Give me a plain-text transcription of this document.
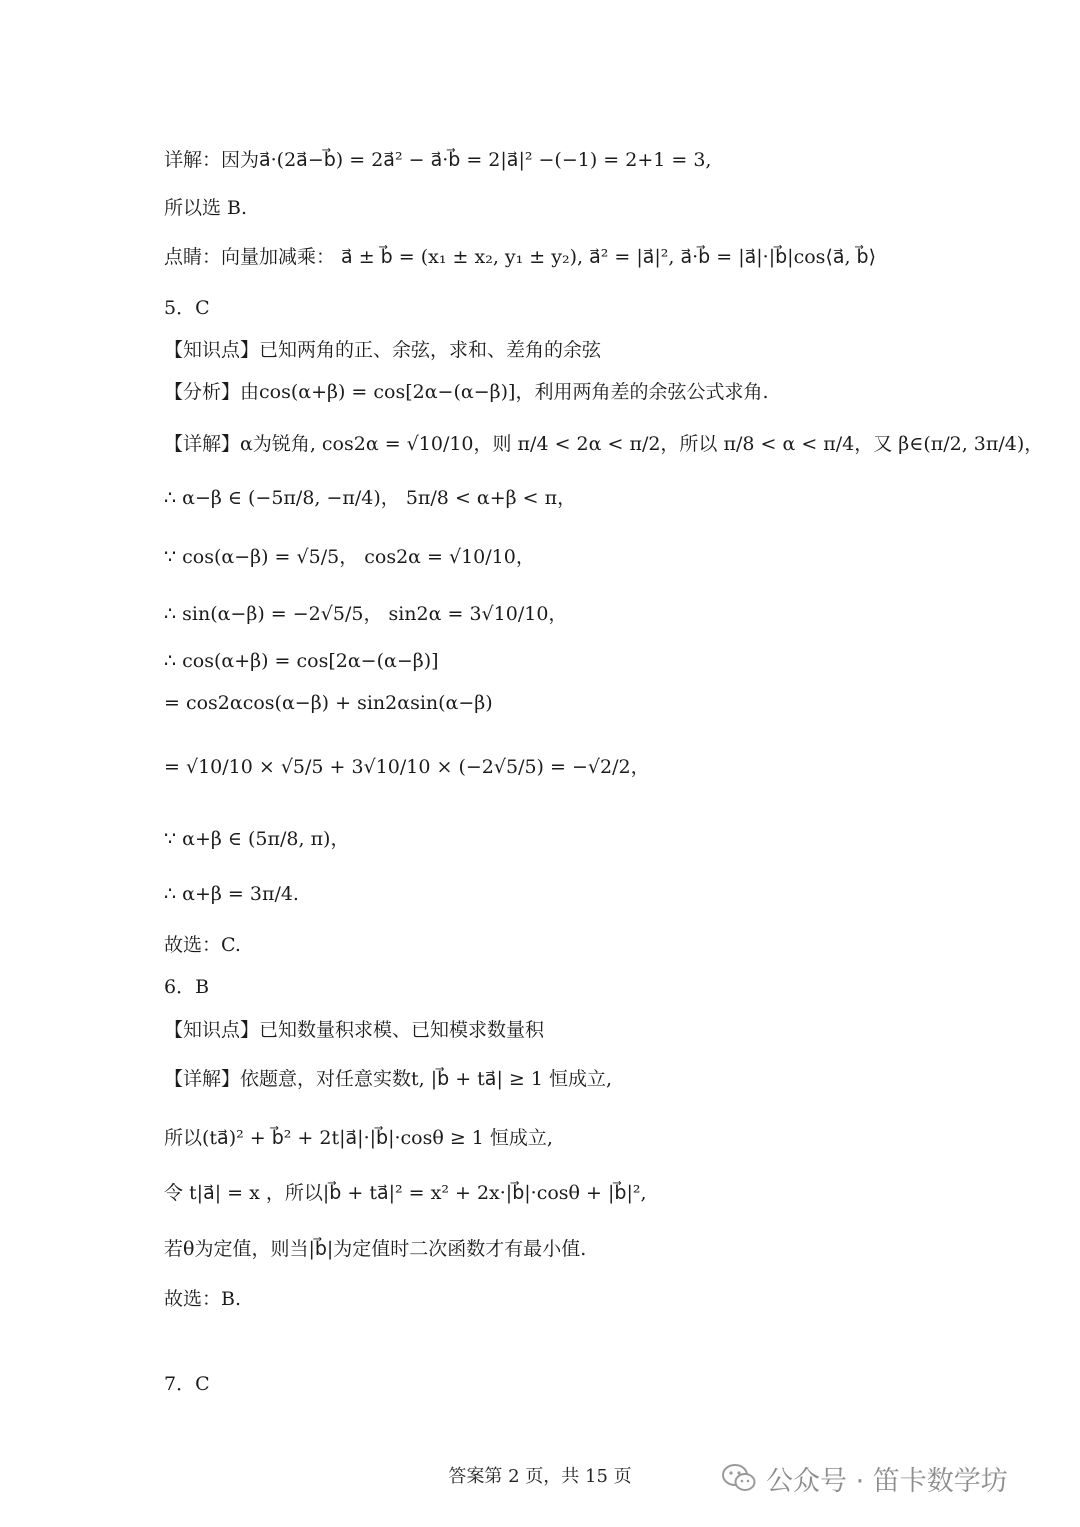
详解：因为a⃗·(2a⃗−b⃗) = 2a⃗² − a⃗·b⃗ = 2|a⃗|² −(−1) = 2+1 = 3,
所以选 B.
点睛：向量加减乘： a⃗ ± b⃗ = (x₁ ± x₂, y₁ ± y₂), a⃗² = |a⃗|², a⃗·b⃗ = |a⃗|·|b⃗|cos⟨a⃗, b⃗⟩
5．C
【知识点】已知两角的正、余弦，求和、差角的余弦
【分析】由cos(α+β) = cos[2α−(α−β)]，利用两角差的余弦公式求角.
【详解】α为锐角, cos2α = √10/10，则 π/4 < 2α < π/2，所以 π/8 < α < π/4，又 β∈(π/2, 3π/4)，
∴ α−β ∈ (−5π/8, −π/4)， 5π/8 < α+β < π，
∵ cos(α−β) = √5/5， cos2α = √10/10，
∴ sin(α−β) = −2√5/5， sin2α = 3√10/10，
∴ cos(α+β) = cos[2α−(α−β)]
= cos2αcos(α−β) + sin2αsin(α−β)
= √10/10 × √5/5 + 3√10/10 × (−2√5/5) = −√2/2，
∵ α+β ∈ (5π/8, π)，
∴ α+β = 3π/4.
故选：C.
6．B
【知识点】已知数量积求模、已知模求数量积
【详解】依题意，对任意实数t, |b⃗ + ta⃗| ≥ 1 恒成立,
所以(ta⃗)² + b⃗² + 2t|a⃗|·|b⃗|·cosθ ≥ 1 恒成立,
令 t|a⃗| = x ，所以|b⃗ + ta⃗|² = x² + 2x·|b⃗|·cosθ + |b⃗|²,
若θ为定值，则当|b⃗|为定值时二次函数才有最小值.
故选：B.
7．C
答案第 2 页，共 15 页	公众号 · 笛卡数学坊
